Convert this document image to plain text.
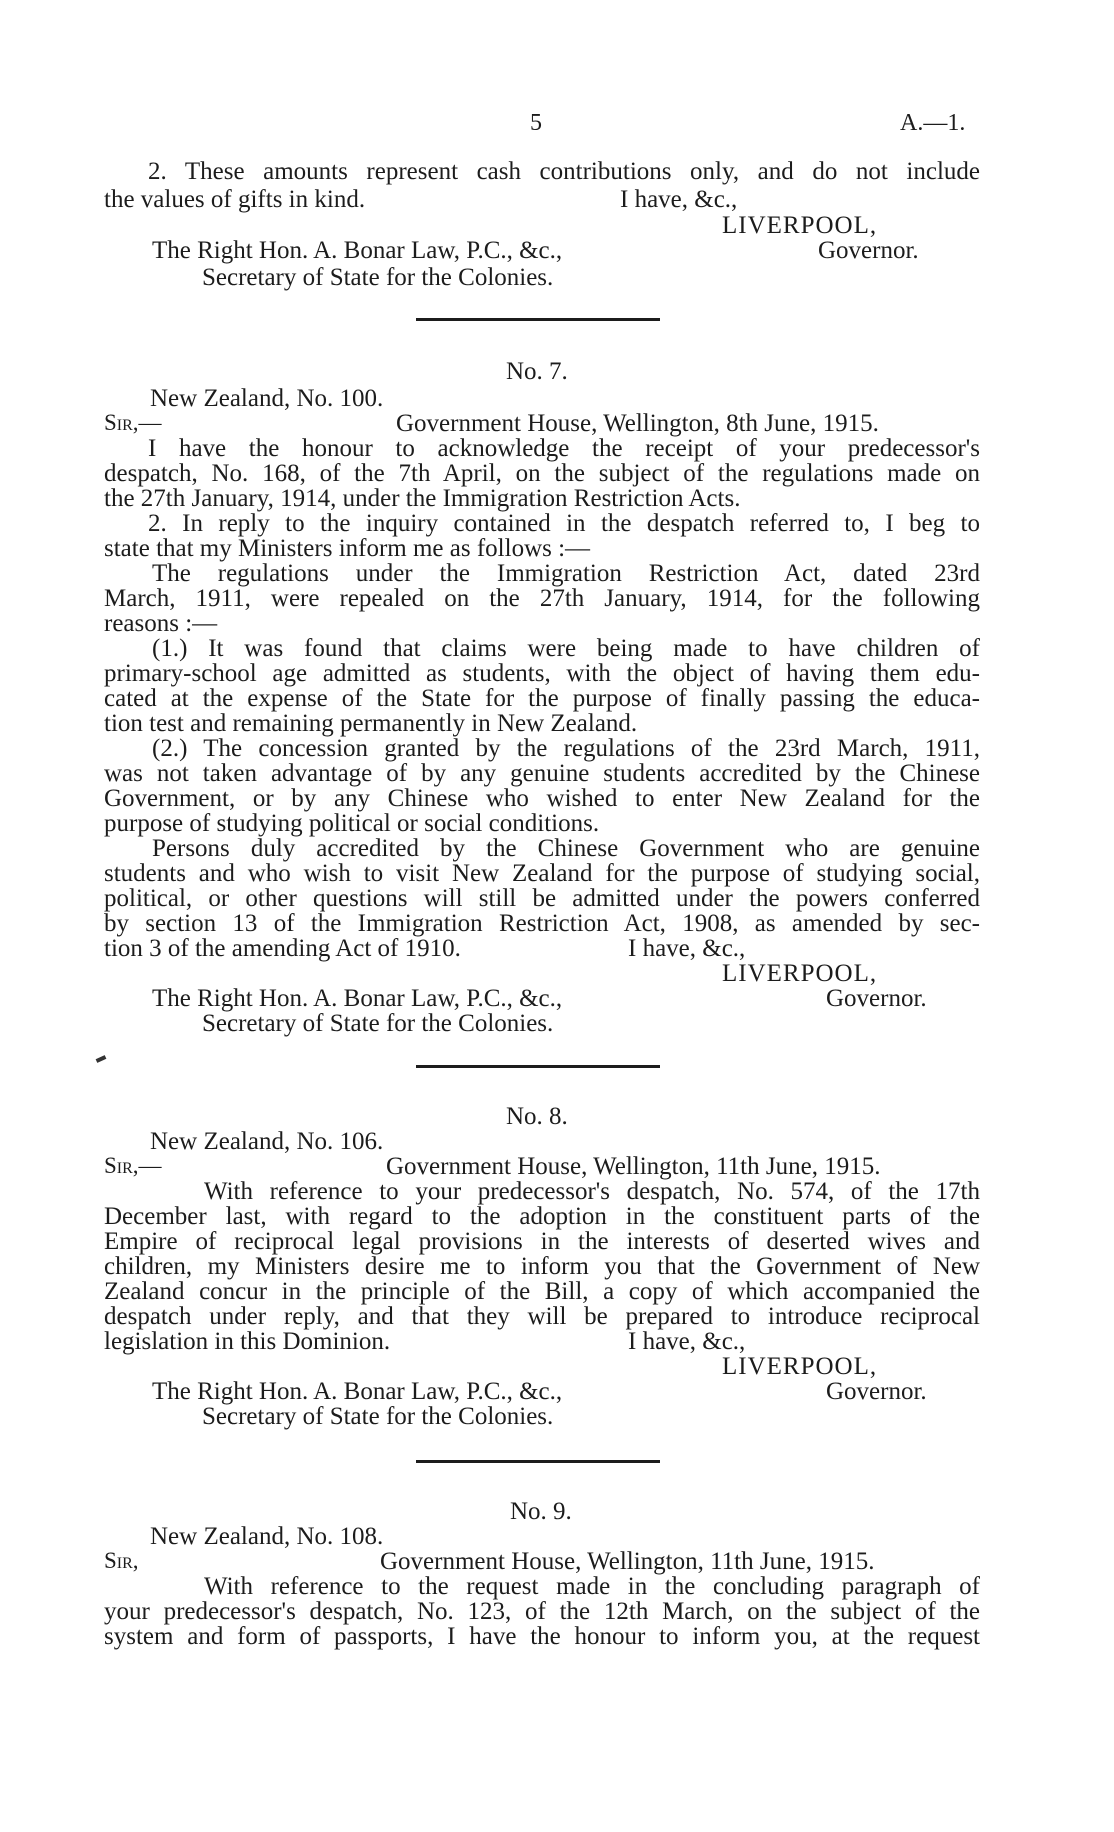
5	A.—1.
2. These amounts represent cash contributions only, and do not include
the values of gifts in kind.	I have, &c.,
LIVERPOOL,
The Right Hon. A. Bonar Law, P.C., &c.,	Governor.
Secretary of State for the Colonies.
No. 7.
New Zealand, No. 100.
Sir,—	Government House, Wellington, 8th June, 1915.
I have the honour to acknowledge the receipt of your predecessor's
despatch, No. 168, of the 7th April, on the subject of the regulations made on
the 27th January, 1914, under the Immigration Restriction Acts.
2. In reply to the inquiry contained in the despatch referred to, I beg to
state that my Ministers inform me as follows :—
The regulations under the Immigration Restriction Act, dated 23rd
March, 1911, were repealed on the 27th January, 1914, for the following
reasons :—
(1.) It was found that claims were being made to have children of
primary-school age admitted as students, with the object of having them edu-
cated at the expense of the State for the purpose of finally passing the educa-
tion test and remaining permanently in New Zealand.
(2.) The concession granted by the regulations of the 23rd March, 1911,
was not taken advantage of by any genuine students accredited by the Chinese
Government, or by any Chinese who wished to enter New Zealand for the
purpose of studying political or social conditions.
Persons duly accredited by the Chinese Government who are genuine
students and who wish to visit New Zealand for the purpose of studying social,
political, or other questions will still be admitted under the powers conferred
by section 13 of the Immigration Restriction Act, 1908, as amended by sec-
tion 3 of the amending Act of 1910.	I have, &c.,
LIVERPOOL,
The Right Hon. A. Bonar Law, P.C., &c.,	Governor.
Secretary of State for the Colonies.
No. 8.
New Zealand, No. 106.
Sir,—	Government House, Wellington, 11th June, 1915.
With reference to your predecessor's despatch, No. 574, of the 17th
December last, with regard to the adoption in the constituent parts of the
Empire of reciprocal legal provisions in the interests of deserted wives and
children, my Ministers desire me to inform you that the Government of New
Zealand concur in the principle of the Bill, a copy of which accompanied the
despatch under reply, and that they will be prepared to introduce reciprocal
legislation in this Dominion.	I have, &c.,
LIVERPOOL,
The Right Hon. A. Bonar Law, P.C., &c.,	Governor.
Secretary of State for the Colonies.
No. 9.
New Zealand, No. 108.
Sir,	Government House, Wellington, 11th June, 1915.
With reference to the request made in the concluding paragraph of
your predecessor's despatch, No. 123, of the 12th March, on the subject of the
system and form of passports, I have the honour to inform you, at the request
